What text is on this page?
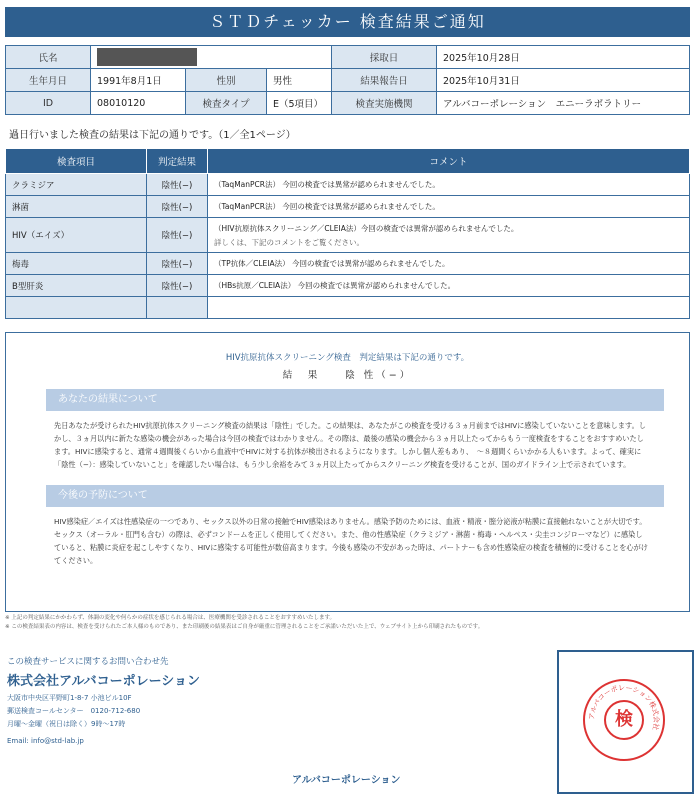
ＳＴＤチェッカー 検査結果ご通知
氏名				採取日	2025年10月28日
生年月日	1991年8月1日	性別	男性	結果報告日	2025年10月31日
ID	08010120	検査タイプ	E（5項目）	検査実施機関	アルバコーポレーション　エニーラボラトリー
過日行いました検査の結果は下記の通りです。（1／全1ページ）
検査項目	判定結果	コメント
クラミジア	陰性(−)	（TaqManPCR法） 今回の検査では異常が認められませんでした。
淋菌	陰性(−)	（TaqManPCR法） 今回の検査では異常が認められませんでした。
HIV（エイズ）	陰性(−)	（HIV抗原抗体スクリーニング／CLEIA法）今回の検査では異常が認められませんでした。
詳しくは、下記のコメントをご覧ください。

梅毒	陰性(−)	（TP抗体／CLEIA法） 今回の検査では異常が認められませんでした。
B型肝炎	陰性(−)	（HBs抗原／CLEIA法） 今回の検査では異常が認められませんでした。

HIV抗原抗体スクリーニング検査　判定結果は下記の通りです。
結　果　　陰 性（−）
あなたの結果について
先日あなたが受けられたHIV抗原抗体スクリーニング検査の結果は「陰性」でした。この結果は、あなたがこの検査を受ける３ヵ月前まではHIVに感染していないことを意味します。しかし、３ヵ月以内に新たな感染の機会があった場合は今回の検査ではわかりません。その際は、最後の感染の機会から３ヵ月以上たってからもう一度検査をすることをおすすめいたします。HIVに感染すると、通常４週間後くらいから血液中でHIVに対する抗体が検出されるようになります。しかし個人差もあり、　〜８週間くらいかかる人もいます。よって、確実に「陰性（−）：感染していないこと」を確認したい場合は、もう少し余裕をみて３ヵ月以上たってからスクリーニング検査を受けることが、国のガイドライン上で示されています。
今後の予防について
HIV感染症／エイズは性感染症の一つであり、セックス以外の日常の接触でHIV感染はありません。感染予防のためには、血液・精液・膣分泌液が粘膜に直接触れないことが大切です。セックス（オーラル・肛門も含む）の際は、必ずコンドームを正しく使用してください。また、他の性感染症（クラミジア・淋菌・梅毒・ヘルペス・尖圭コンジローマなど）に感染していると、粘膜に炎症を起こしやすくなり、HIVに感染する可能性が数倍高まります。今後も感染の不安があった時は、パートナーも含め性感染症の検査を積極的に受けることを心がけてください。
※ 上記の判定結果にかかわらず、体調の変化や何らかの症状を感じられる場合は、医療機関を受診されることをおすすめいたします。
※ この検査結果表の内容は、検査を受けられたご本人様のものであり、また印刷後の結果表はご自身が厳重に管理されることをご承諾いただいた上で、ウェブサイト上から印刷されたものです。
この検査サービスに関するお問い合わせ先
株式会社アルバコーポレーション
大阪市中央区平野町1-8-7 小池ビル10F
郵送検査コールセンター　0120-712-680
月曜〜金曜（祝日は除く）9時〜17時
Email: info@std-lab.jp
アルバコーポレーション
アルバコーポレーション株式会社
検
